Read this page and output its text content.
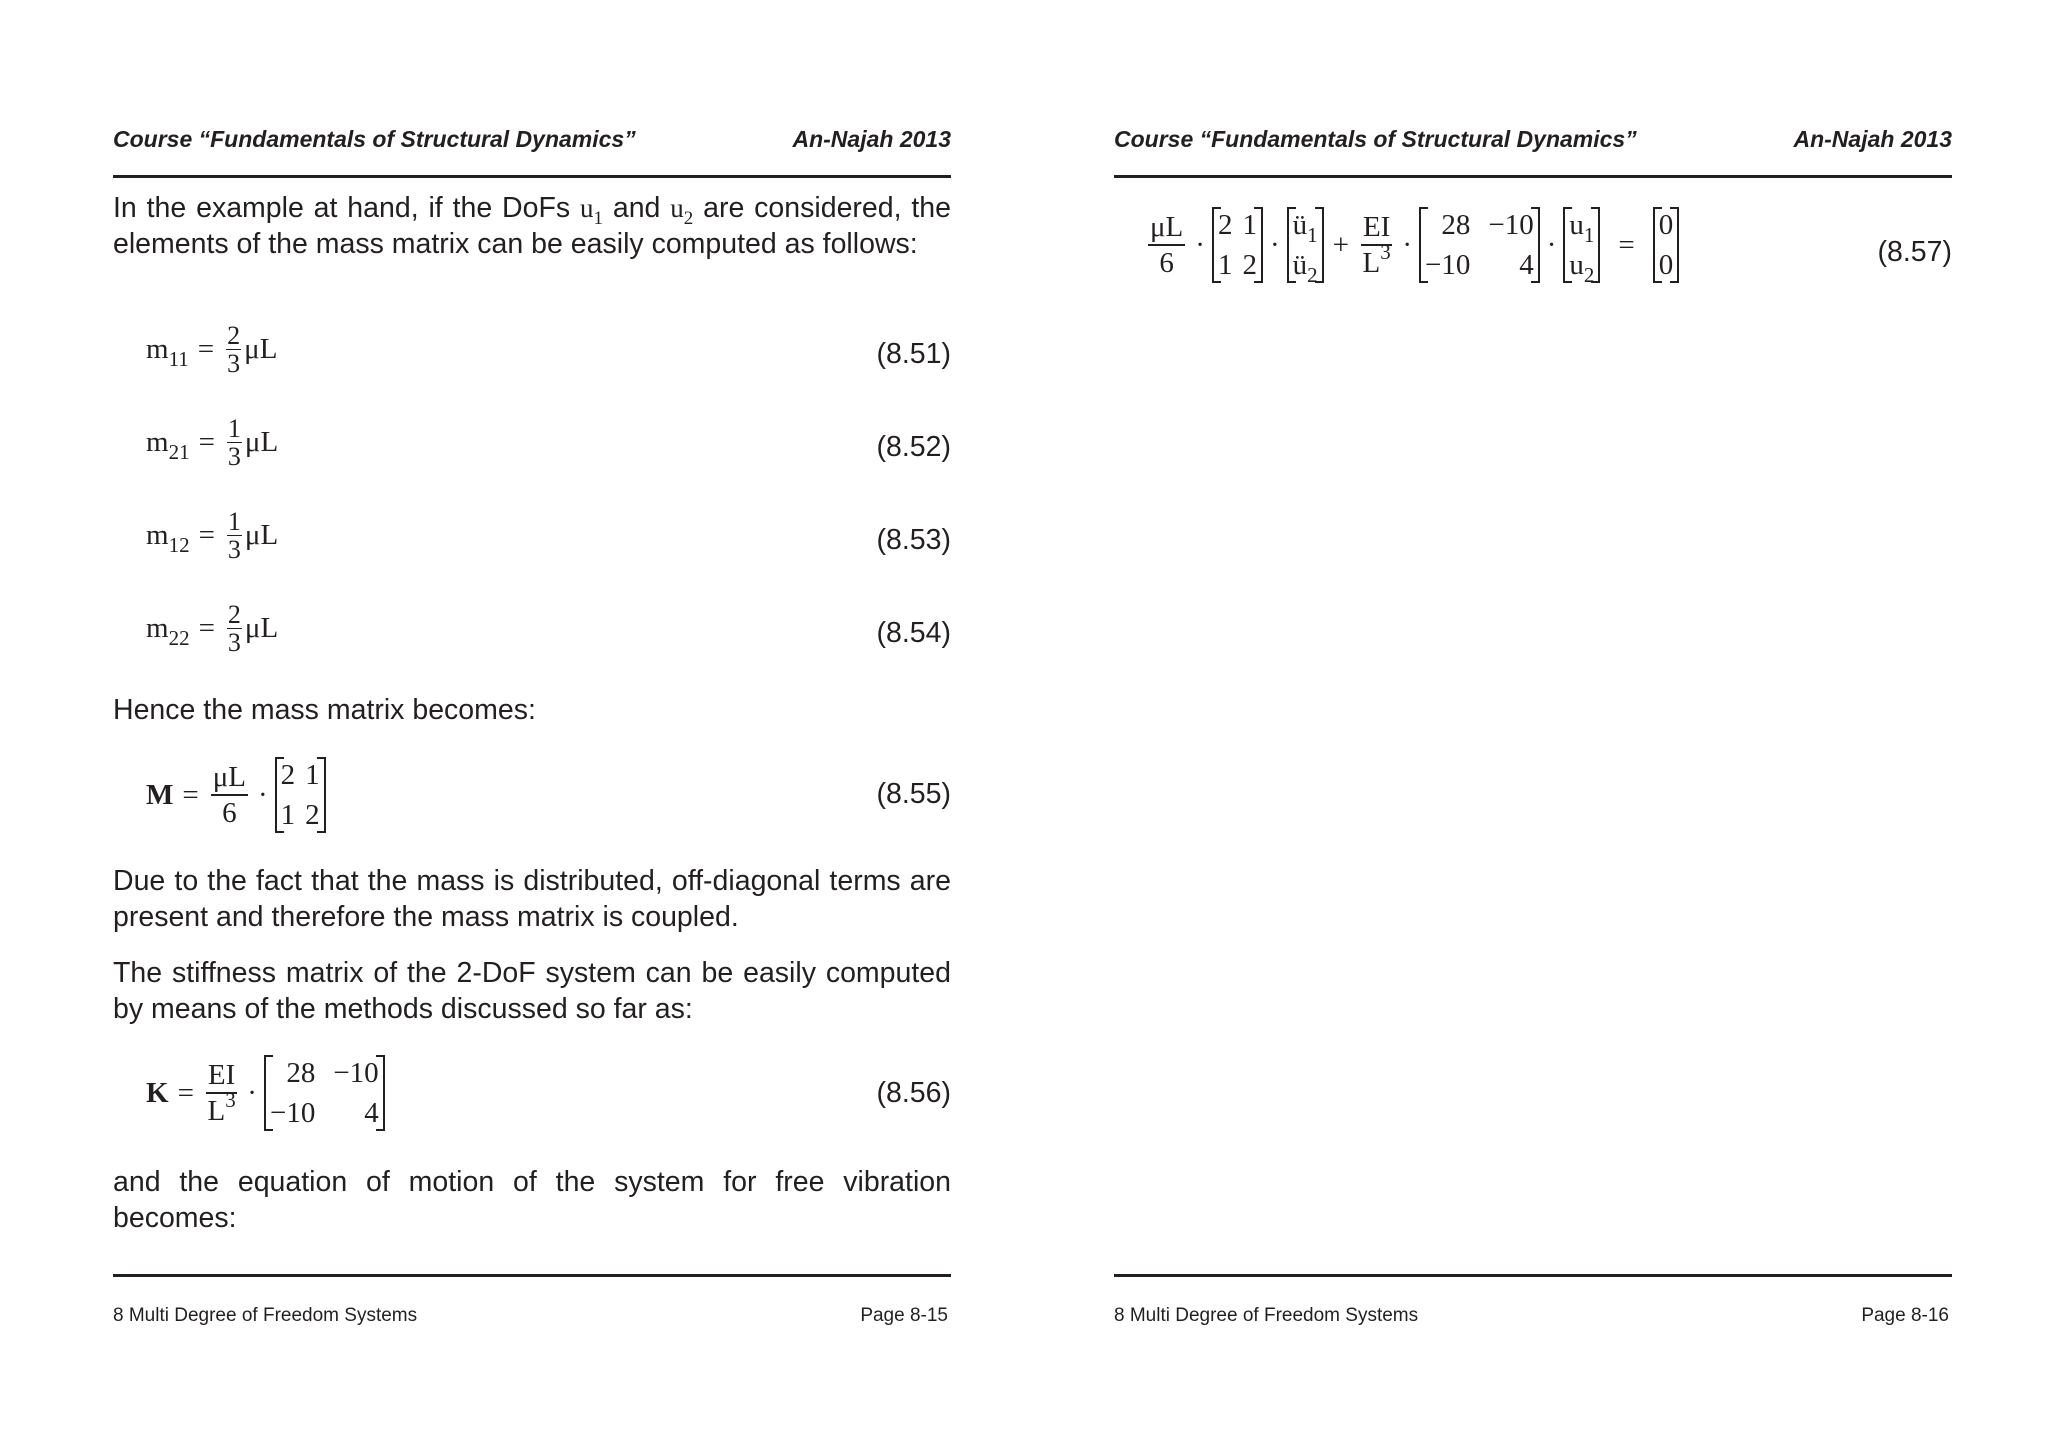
Course “Fundamentals of Structural Dynamics”	An-Najah 2013

In the example at hand, if the DoFs $u_1$ and $u_2$ are considered, the elements of the mass matrix can be easily computed as follows:

$m_{11} = \frac{2}{3}$ μL	(8.51)
$m_{21} = \frac{1}{3}$ μL	(8.52)
$m_{12} = \frac{1}{3}$ μL	(8.53)
$m_{22} = \frac{2}{3}$ μL	(8.54)

Hence the mass matrix becomes:

$M = \frac{\mu L}{6}$ ·
2 1
1 2
(8.55)

Due to the fact that the mass is distributed, off-diagonal terms are present and therefore the mass matrix is coupled.

The stiffness matrix of the 2-DoF system can be easily computed by means of the methods discussed so far as:

$K = \frac{EI}{L^3}$ ·
28 −10
−10	4
(8.56)

and the equation of motion of the system for free vibration becomes:

8 Multi Degree of Freedom Systems	Page 8-15
Course “Fundamentals of Structural Dynamics”	An-Najah 2013
$\frac{\mu L}{6}$ ·
2 1
1 2
·
$ü_1$
$ü_2$
+ $\frac{EI}{L^3}$ ·
28 −10
−10	4
·
$u_1$
$u_2$
=
0
0	(8.57)
8 Multi Degree of Freedom Systems	Page 8-16
